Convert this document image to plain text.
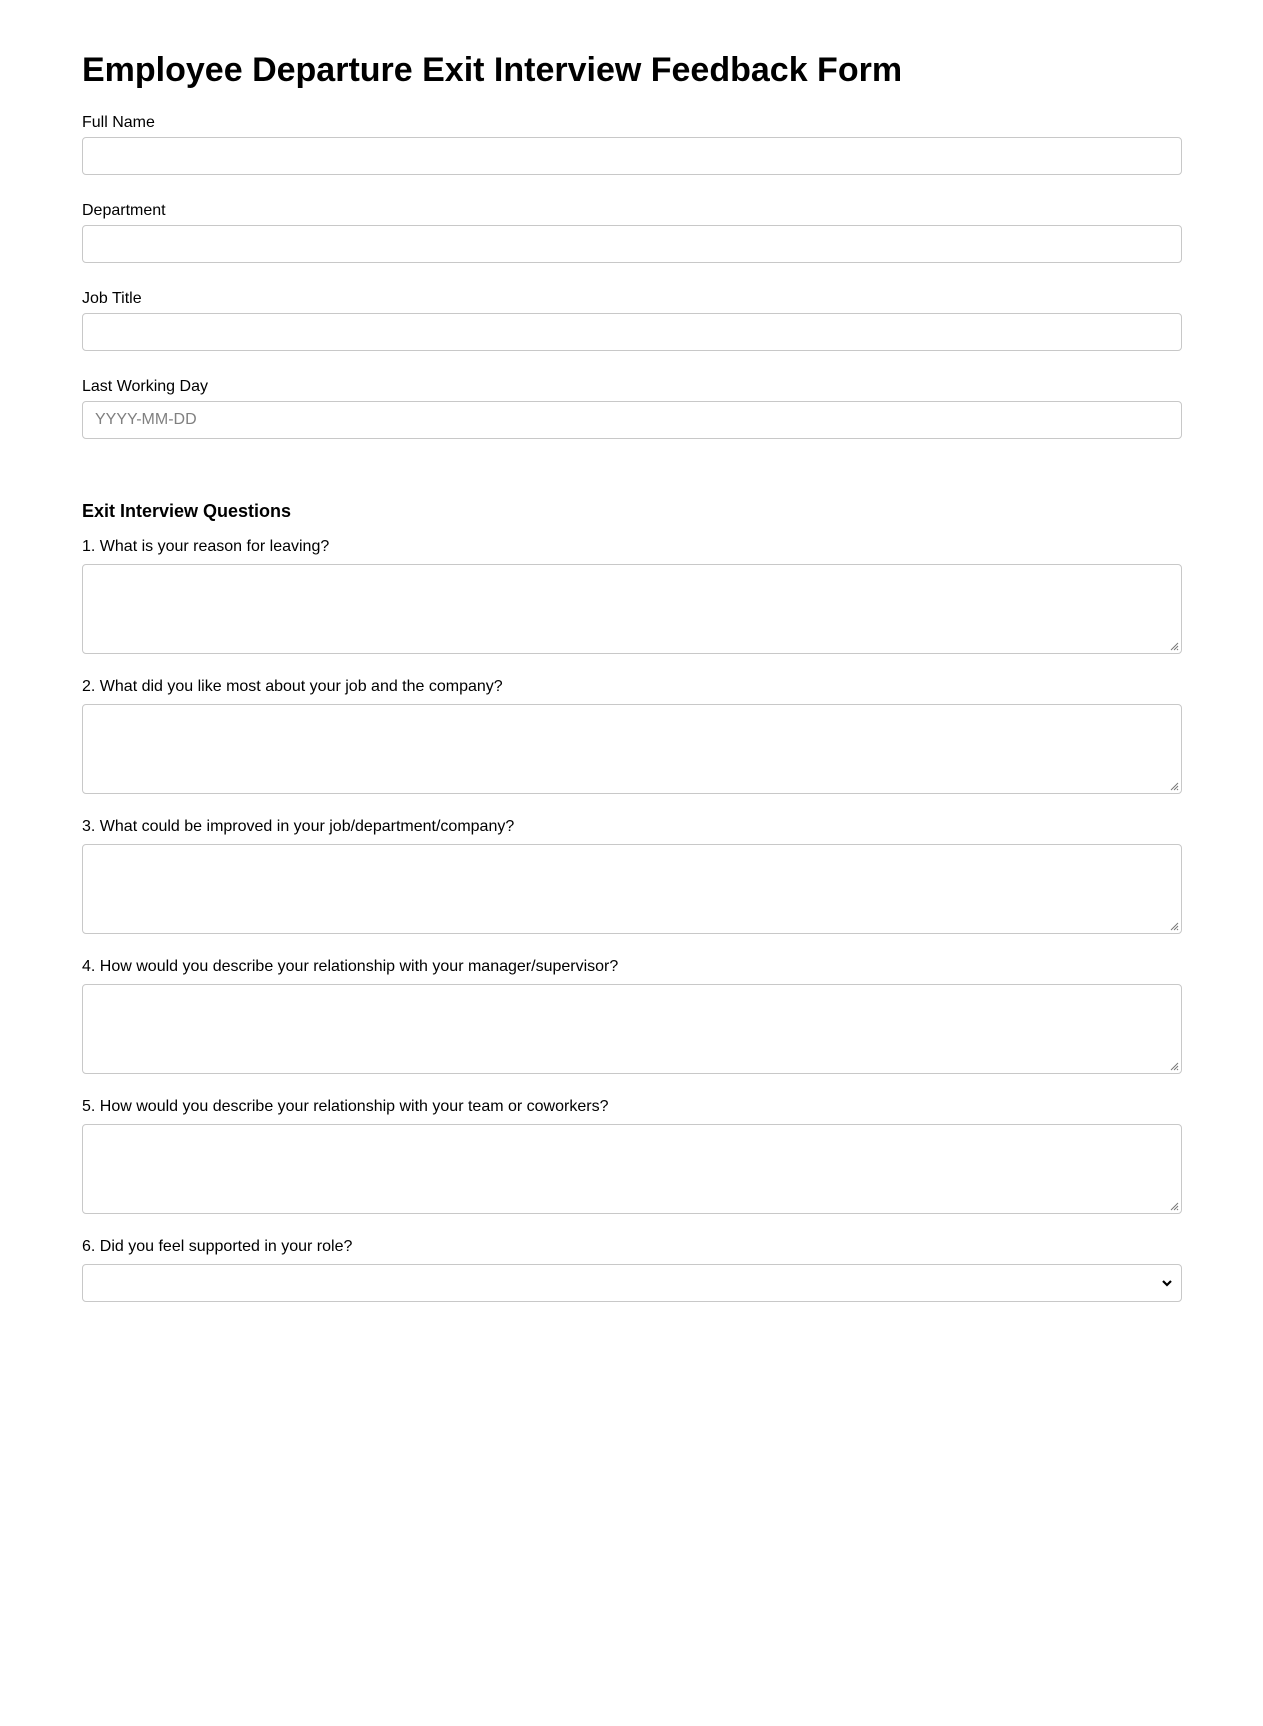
Employee Departure Exit Interview Feedback Form
Full Name
Department
Job Title
Last Working Day
YYYY-MM-DD
Exit Interview Questions
1. What is your reason for leaving?
2. What did you like most about your job and the company?
3. What could be improved in your job/department/company?
4. How would you describe your relationship with your manager/supervisor?
5. How would you describe your relationship with your team or coworkers?
6. Did you feel supported in your role?
